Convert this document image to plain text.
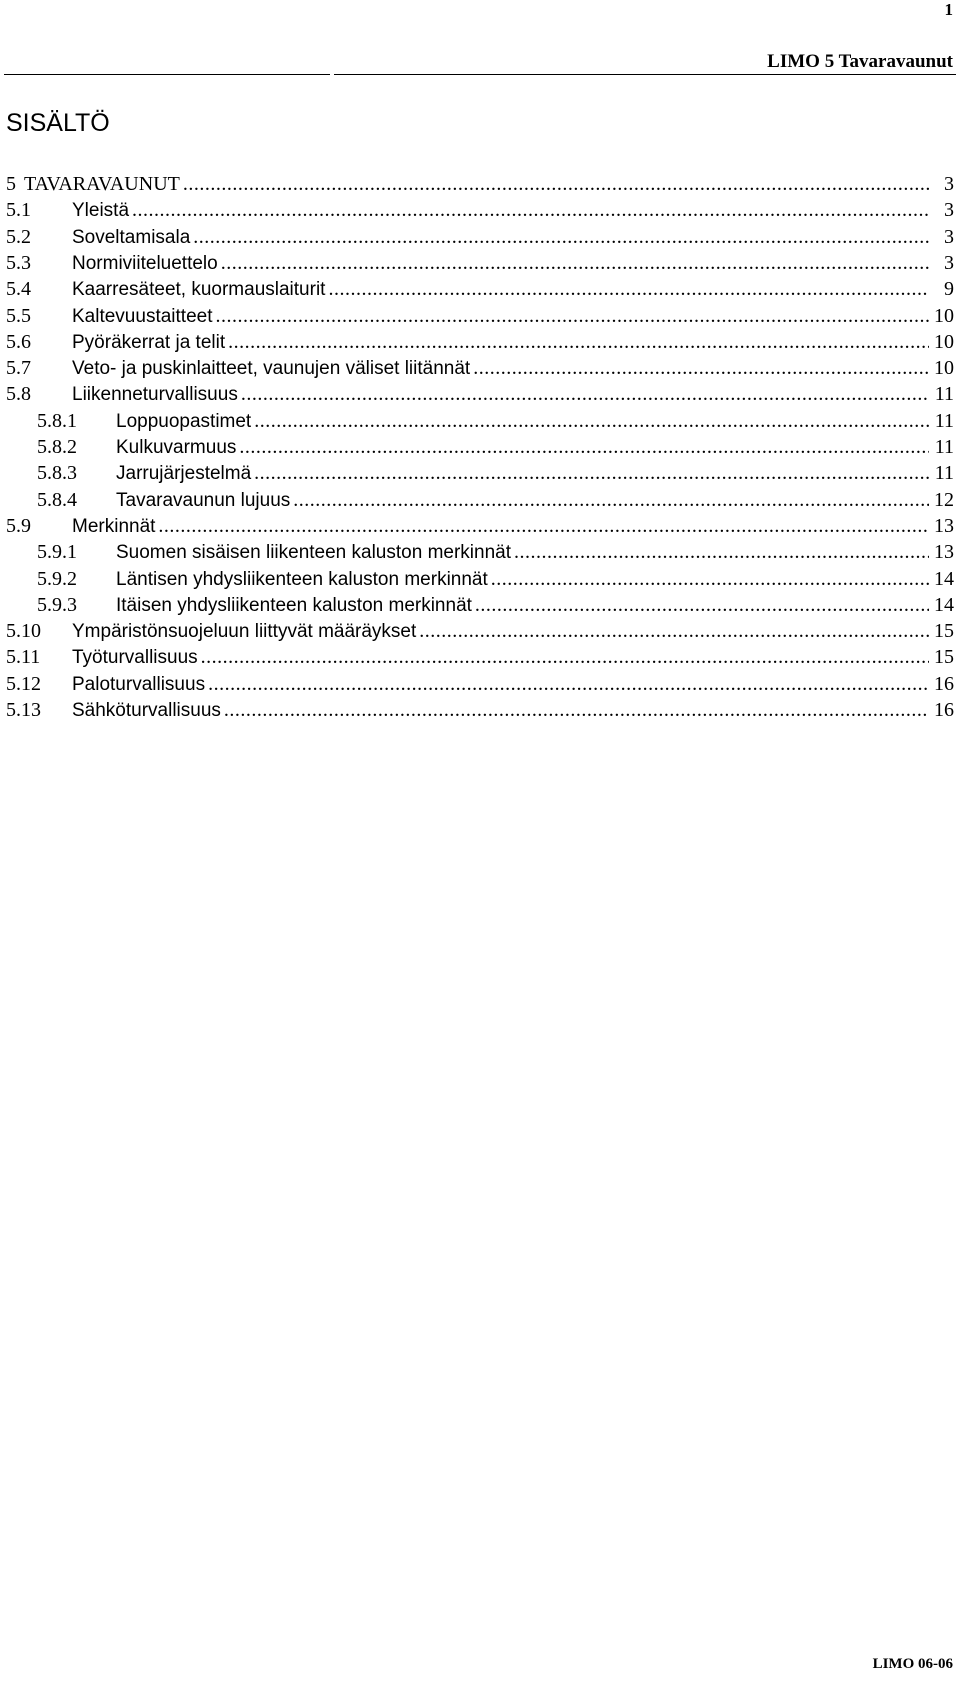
1
LIMO 5 Tavaravaunut
SISÄLTÖ
5 TAVARAVAUNUT .....	3
5.1	Yleistä .....	3
5.2	Soveltamisala .....	3
5.3	Normiviiteluettelo .....	3
5.4	Kaarresäteet, kuormauslaiturit .....	9
5.5	Kaltevuustaitteet .....	10
5.6	Pyöräkerrat ja telit .....	10
5.7	Veto- ja puskinlaitteet, vaunujen väliset liitännät .....	10
5.8	Liikenneturvallisuus .....	11
5.8.1	Loppuopastimet .....	11
5.8.2	Kulkuvarmuus .....	11
5.8.3	Jarrujärjestelmä .....	11
5.8.4	Tavaravaunun lujuus .....	12
5.9	Merkinnät .....	13
5.9.1	Suomen sisäisen liikenteen kaluston merkinnät .....	13
5.9.2	Läntisen yhdysliikenteen kaluston merkinnät .....	14
5.9.3	Itäisen yhdysliikenteen kaluston merkinnät .....	14
5.10	Ympäristönsuojeluun liittyvät määräykset .....	15
5.11	Työturvallisuus .....	15
5.12	Paloturvallisuus .....	16
5.13	Sähköturvallisuus .....	16
LIMO 06-06
